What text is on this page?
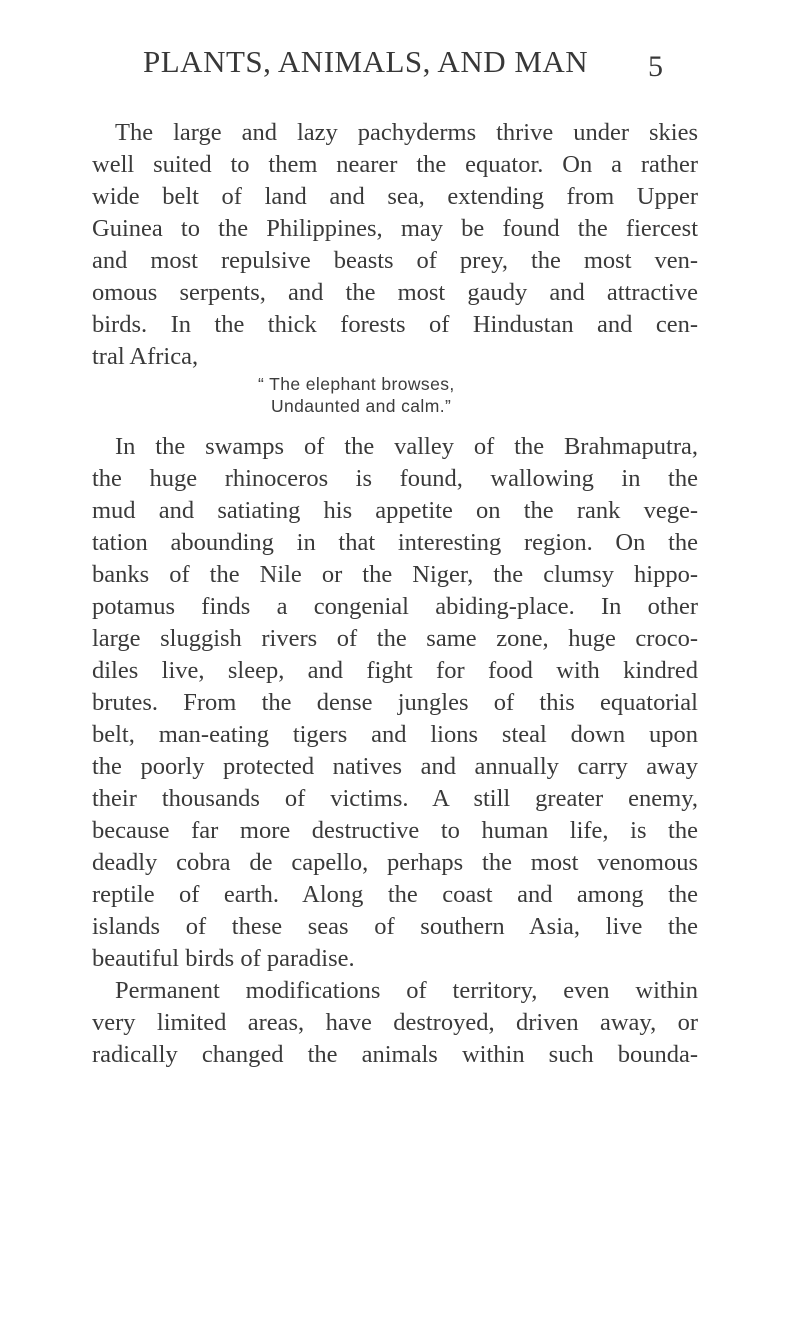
PLANTS, ANIMALS, AND MAN 5
The large and lazy pachyderms thrive under skies
well suited to them nearer the equator. On a rather
wide belt of land and sea, extending from Upper
Guinea to the Philippines, may be found the fiercest
and most repulsive beasts of prey, the most ven-
omous serpents, and the most gaudy and attractive
birds. In the thick forests of Hindustan and cen-
tral Africa,
“ The elephant browses,
Undaunted and calm.”
In the swamps of the valley of the Brahmaputra,
the huge rhinoceros is found, wallowing in the
mud and satiating his appetite on the rank vege-
tation abounding in that interesting region. On the
banks of the Nile or the Niger, the clumsy hippo-
potamus finds a congenial abiding-place. In other
large sluggish rivers of the same zone, huge croco-
diles live, sleep, and fight for food with kindred
brutes. From the dense jungles of this equatorial
belt, man-eating tigers and lions steal down upon
the poorly protected natives and annually carry away
their thousands of victims. A still greater enemy,
because far more destructive to human life, is the
deadly cobra de capello, perhaps the most venomous
reptile of earth. Along the coast and among the
islands of these seas of southern Asia, live the
beautiful birds of paradise.
Permanent modifications of territory, even within
very limited areas, have destroyed, driven away, or
radically changed the animals within such bounda-
